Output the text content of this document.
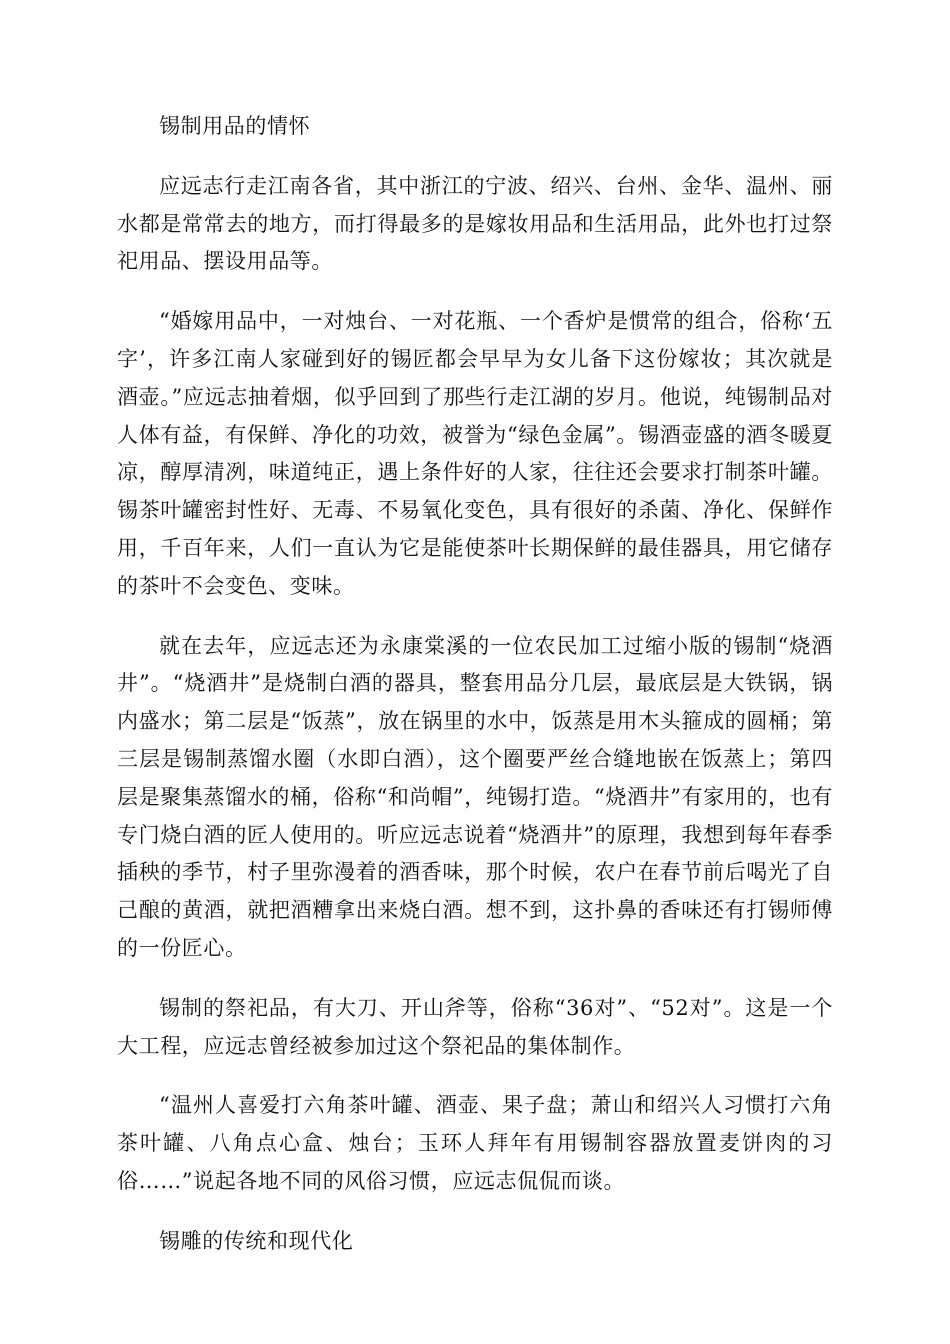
锡制用品的情怀

应远志行走江南各省，其中浙江的宁波、绍兴、台州、金华、温州、丽水都是常常去的地方，而打得最多的是嫁妆用品和生活用品，此外也打过祭祀用品、摆设用品等。

“婚嫁用品中，一对烛台、一对花瓶、一个香炉是惯常的组合，俗称‘五字’，许多江南人家碰到好的锡匠都会早早为女儿备下这份嫁妆；其次就是酒壶。”应远志抽着烟，似乎回到了那些行走江湖的岁月。他说，纯锡制品对人体有益，有保鲜、净化的功效，被誉为“绿色金属”。锡酒壶盛的酒冬暖夏凉，醇厚清冽，味道纯正，遇上条件好的人家，往往还会要求打制茶叶罐。锡茶叶罐密封性好、无毒、不易氧化变色，具有很好的杀菌、净化、保鲜作用，千百年来，人们一直认为它是能使茶叶长期保鲜的最佳器具，用它储存的茶叶不会变色、变味。

就在去年，应远志还为永康棠溪的一位农民加工过缩小版的锡制“烧酒井”。“烧酒井”是烧制白酒的器具，整套用品分几层，最底层是大铁锅，锅内盛水；第二层是“饭蒸”，放在锅里的水中，饭蒸是用木头箍成的圆桶；第三层是锡制蒸馏水圈（水即白酒），这个圈要严丝合缝地嵌在饭蒸上；第四层是聚集蒸馏水的桶，俗称“和尚帽”，纯锡打造。“烧酒井”有家用的，也有专门烧白酒的匠人使用的。听应远志说着“烧酒井”的原理，我想到每年春季插秧的季节，村子里弥漫着的酒香味，那个时候，农户在春节前后喝光了自己酿的黄酒，就把酒糟拿出来烧白酒。想不到，这扑鼻的香味还有打锡师傅的一份匠心。

锡制的祭祀品，有大刀、开山斧等，俗称“36对”、“52对”。这是一个大工程，应远志曾经被参加过这个祭祀品的集体制作。

“温州人喜爱打六角茶叶罐、酒壶、果子盘；萧山和绍兴人习惯打六角茶叶罐、八角点心盒、烛台；玉环人拜年有用锡制容器放置麦饼肉的习俗……”说起各地不同的风俗习惯，应远志侃侃而谈。

锡雕的传统和现代化
